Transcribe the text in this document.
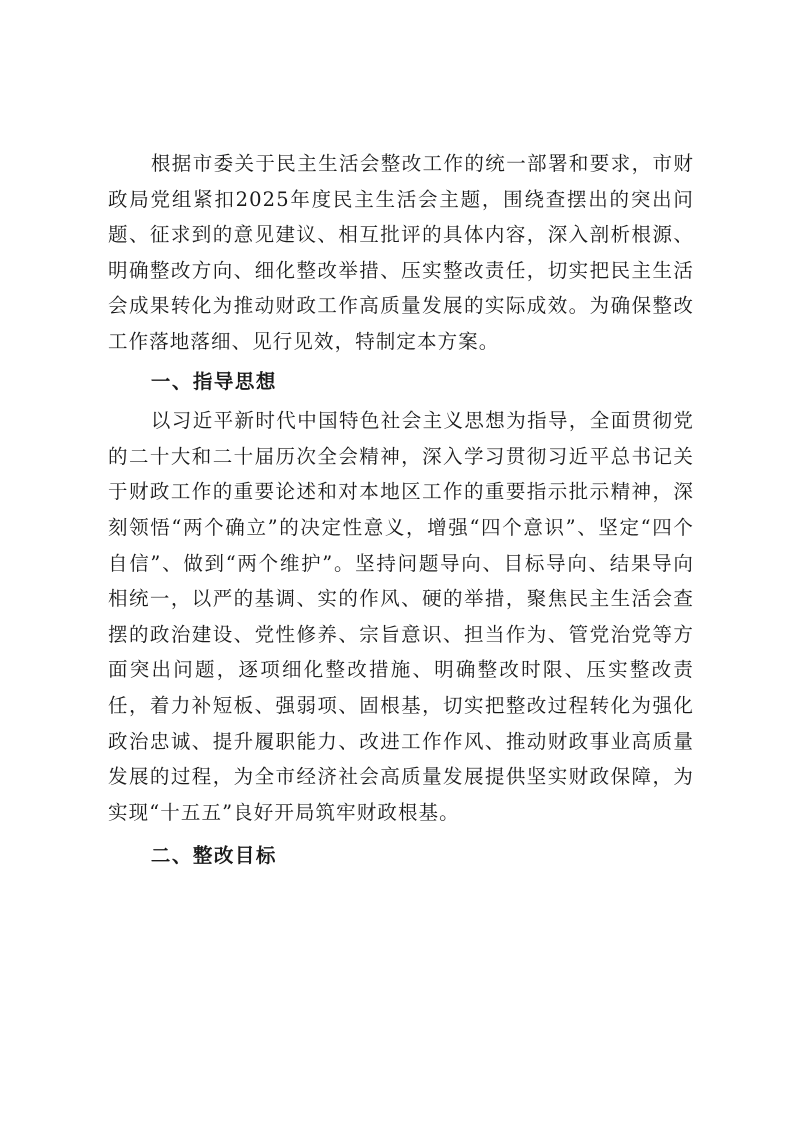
根据市委关于民主生活会整改工作的统一部署和要求，市财政局党组紧扣2025年度民主生活会主题，围绕查摆出的突出问题、征求到的意见建议、相互批评的具体内容，深入剖析根源、明确整改方向、细化整改举措、压实整改责任，切实把民主生活会成果转化为推动财政工作高质量发展的实际成效。为确保整改工作落地落细、见行见效，特制定本方案。

一、指导思想

以习近平新时代中国特色社会主义思想为指导，全面贯彻党的二十大和二十届历次全会精神，深入学习贯彻习近平总书记关于财政工作的重要论述和对本地区工作的重要指示批示精神，深刻领悟“两个确立”的决定性意义，增强“四个意识”、坚定“四个自信”、做到“两个维护”。坚持问题导向、目标导向、结果导向相统一，以严的基调、实的作风、硬的举措，聚焦民主生活会查摆的政治建设、党性修养、宗旨意识、担当作为、管党治党等方面突出问题，逐项细化整改措施、明确整改时限、压实整改责任，着力补短板、强弱项、固根基，切实把整改过程转化为强化政治忠诚、提升履职能力、改进工作作风、推动财政事业高质量发展的过程，为全市经济社会高质量发展提供坚实财政保障，为实现“十五五”良好开局筑牢财政根基。

二、整改目标
